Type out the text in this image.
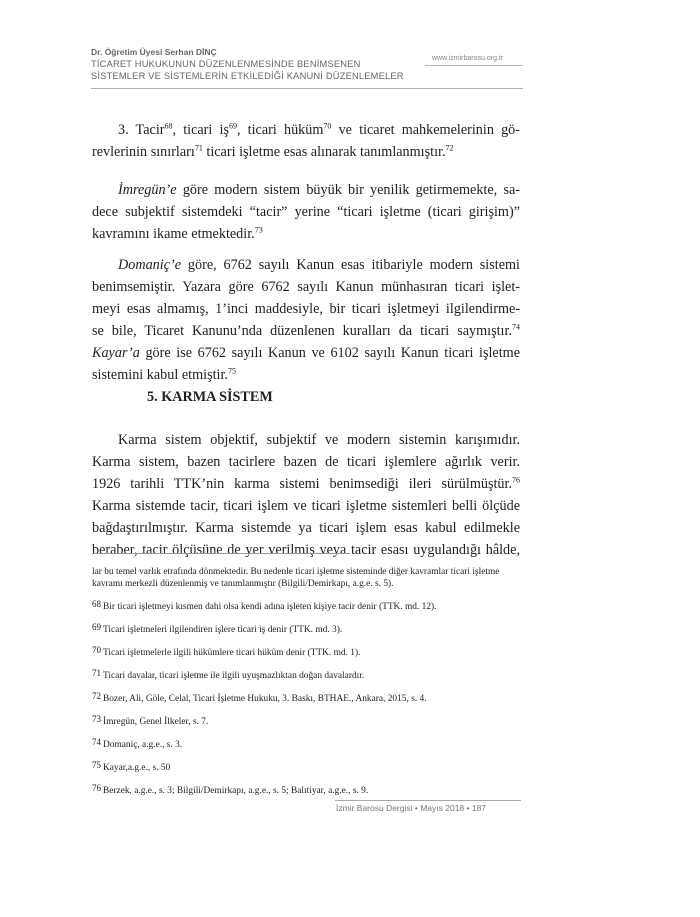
Dr. Öğretim Üyesi Serhan DİNÇ
TİCARET HUKUKUNUN DÜZENLENMESİNDE BENİMSENEN
SİSTEMLER VE SİSTEMLERİN ETKİLEDİĞİ KANUNİ DÜZENLEMELER
www.izmirbarosu.org.tr
3. Tacir$^{68}$, ticari $iş^{69}$, ticari hüküm$^{70}$ ve ticaret mahkemelerinin gö-
revlerinin sınırları$^{71}$ ticari işletme esas alınarak tanımlanmıştır.$^{72}$
İmregün’e göre modern sistem büyük bir yenilik getirmemekte, sa-
dece subjektif sistemdeki “tacir” yerine “ticari işletme (ticari girişim)”
kavramını ikame etmektedir.$^{73}$
Domaniç’e göre, 6762 sayılı Kanun esas itibariyle modern sistemi
benimsemiştir. Yazara göre 6762 sayılı Kanun münhasıran ticari işlet-
meyi esas almamış, 1’inci maddesiyle, bir ticari işletmeyi ilgilendirme-
se bile, Ticaret Kanunu’nda düzenlenen kuralları da ticari saymıştır.$^{74}$
Kayar’a göre ise 6762 sayılı Kanun ve 6102 sayılı Kanun ticari işletme
sistemini kabul etmiştir.$^{75}$
5. KARMA SİSTEM
Karma sistem objektif, subjektif ve modern sistemin karışımıdır.
Karma sistem, bazen tacirlere bazen de ticari işlemlere ağırlık verir.
1926 tarihli TTK’nin karma sistemi benimsediği ileri sürülmüştür.$^{76}$
Karma sistemde tacir, ticari işlem ve ticari işletme sistemleri belli ölçüde
bağdaştırılmıştır. Karma sistemde ya ticari işlem esas kabul edilmekle
beraber, tacir ölçüsüne de yer verilmiş veya tacir esası uygulandığı hâlde,
lar bu temel varlık etrafında dönmektedir. Bu nedenle ticari işletme sisteminde diğer kavramlar ticari işletme
kavramı merkezli düzenlenmiş ve tanımlanmıştır (Bilgili/Demirkapı, a.g.e. s. 5).
$^{68}$ Bir ticari işletmeyi kısmen dahi olsa kendi adına işleten kişiye tacir denir (TTK. md. 12).
$^{69}$ Ticari işletmeleri ilgilendiren işlere ticari iş denir (TTK. md. 3).
$^{70}$ Ticari işletmelerle ilgili hükümlere ticari hüküm denir (TTK. md. 1).
$^{71}$ Ticari davalar, ticari işletme ile ilgili uyuşmazlıktan doğan davalardır.
$^{72}$ Bozer, Ali, Göle, Celal, Ticari İşletme Hukuku, 3. Baskı, BTHAE., Ankara, 2015, s. 4.
$^{73}$ İmregün, Genel İlkeler, s. 7.
$^{74}$ Domaniç, a.g.e., s. 3.
$^{75}$ Kayar,a.g.e., s. 50
$^{76}$ Berzek, a.g.e., s. 3; Bilgili/Demirkapı, a.g.e., s. 5; Balıtiyar, a.g.e., s. 9.
İzmir Barosu Dergisi • Mayıs 2018 • 187
